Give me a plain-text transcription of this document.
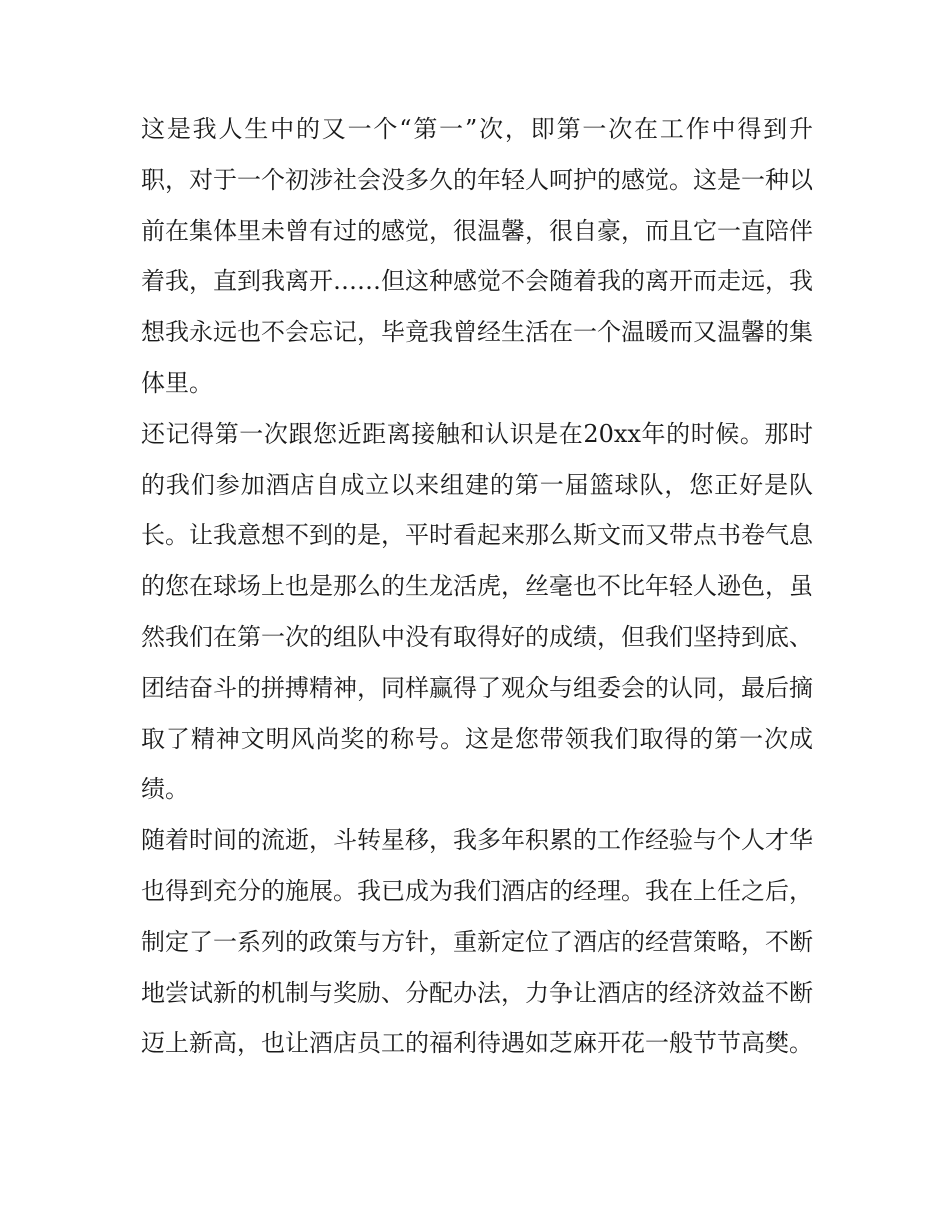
这是我人生中的又一个“第一”次，即第一次在工作中得到升职，对于一个初涉社会没多久的年轻人呵护的感觉。这是一种以前在集体里未曾有过的感觉，很温馨，很自豪，而且它一直陪伴着我，直到我离开……但这种感觉不会随着我的离开而走远，我想我永远也不会忘记，毕竟我曾经生活在一个温暖而又温馨的集体里。

还记得第一次跟您近距离接触和认识是在20xx年的时候。那时的我们参加酒店自成立以来组建的第一届篮球队，您正好是队长。让我意想不到的是，平时看起来那么斯文而又带点书卷气息的您在球场上也是那么的生龙活虎，丝毫也不比年轻人逊色，虽然我们在第一次的组队中没有取得好的成绩，但我们坚持到底、团结奋斗的拼搏精神，同样赢得了观众与组委会的认同，最后摘取了精神文明风尚奖的称号。这是您带领我们取得的第一次成绩。

随着时间的流逝，斗转星移，我多年积累的工作经验与个人才华也得到充分的施展。我已成为我们酒店的经理。我在上任之后，制定了一系列的政策与方针，重新定位了酒店的经营策略，不断地尝试新的机制与奖励、分配办法，力争让酒店的经济效益不断迈上新高，也让酒店员工的福利待遇如芝麻开花一般节节高樊。
